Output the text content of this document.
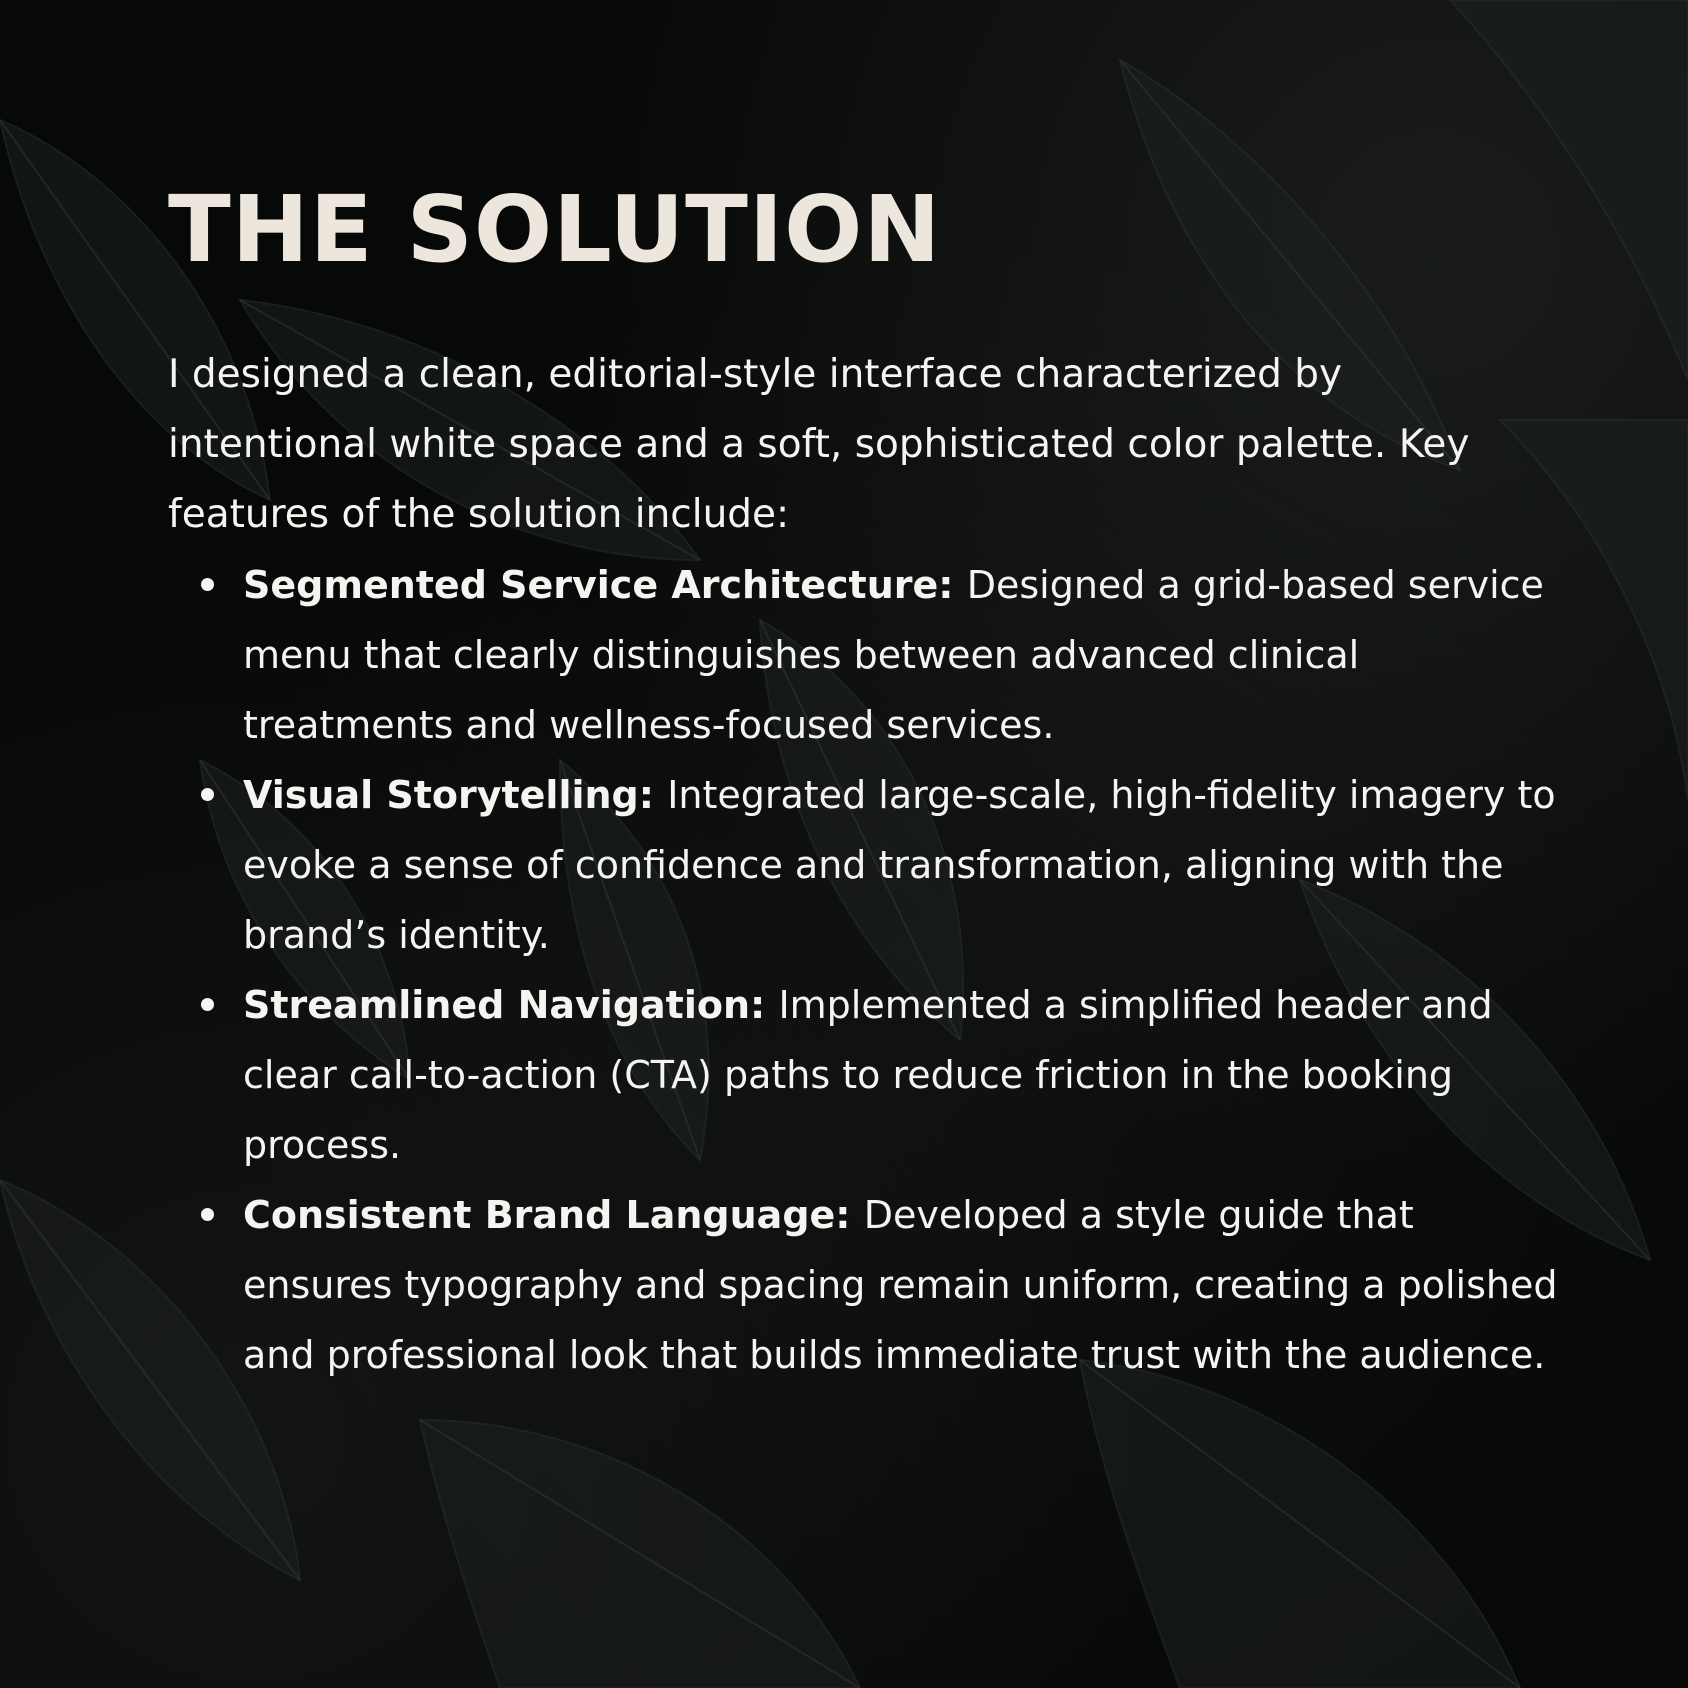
THE SOLUTION

I designed a clean, editorial-style interface characterized by intentional white space and a soft, sophisticated color palette. Key features of the solution include:

Segmented Service Architecture: Designed a grid-based service menu that clearly distinguishes between advanced clinical treatments and wellness-focused services.
Visual Storytelling: Integrated large-scale, high-fidelity imagery to evoke a sense of confidence and transformation, aligning with the brand’s identity.
Streamlined Navigation: Implemented a simplified header and clear call-to-action (CTA) paths to reduce friction in the booking process.
Consistent Brand Language: Developed a style guide that ensures typography and spacing remain uniform, creating a polished and professional look that builds immediate trust with the audience.
